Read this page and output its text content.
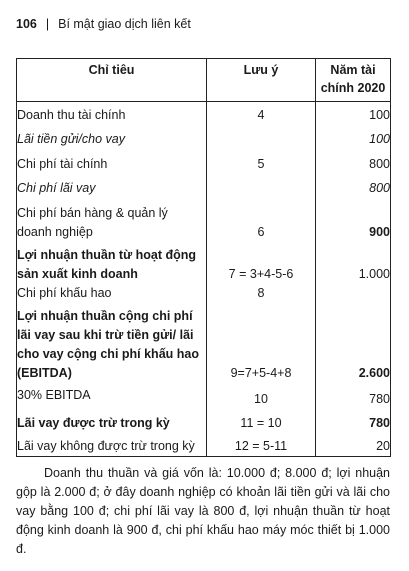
106 | Bí mật giao dịch liên kết
Chỉ tiêu	Lưu ý	Năm tài chính 2020
Doanh thu tài chính	4	100
Lãi tiền gửi/cho vay		100
Chi phí tài chính	5	800
Chi phí lãi vay		800
Chi phí bán hàng & quản lý doanh nghiệp	6	900
Lợi nhuận thuần từ hoạt động sản xuất kinh doanh	7 = 3+4-5-6	1.000
Chi phí khấu hao	8	
Lợi nhuận thuần cộng chi phí lãi vay sau khi trừ tiền gửi/ lãi cho vay cộng chi phí khấu hao (EBITDA)	9=7+5-4+8	2.600
30% EBITDA	10	780
Lãi vay được trừ trong kỳ	11 = 10	780
Lãi vay không được trừ trong kỳ	12 = 5-11	20

Doanh thu thuần và giá vốn là: 10.000 đ; 8.000 đ; lợi nhuận gộp là 2.000 đ; ở đây doanh nghiệp có khoản lãi tiền gửi và lãi cho vay bằng 100 đ; chi phí lãi vay là 800 đ, lợi nhuận thuần từ hoạt động kinh doanh là 900 đ, chi phí khấu hao máy móc thiết bị 1.000 đ.
